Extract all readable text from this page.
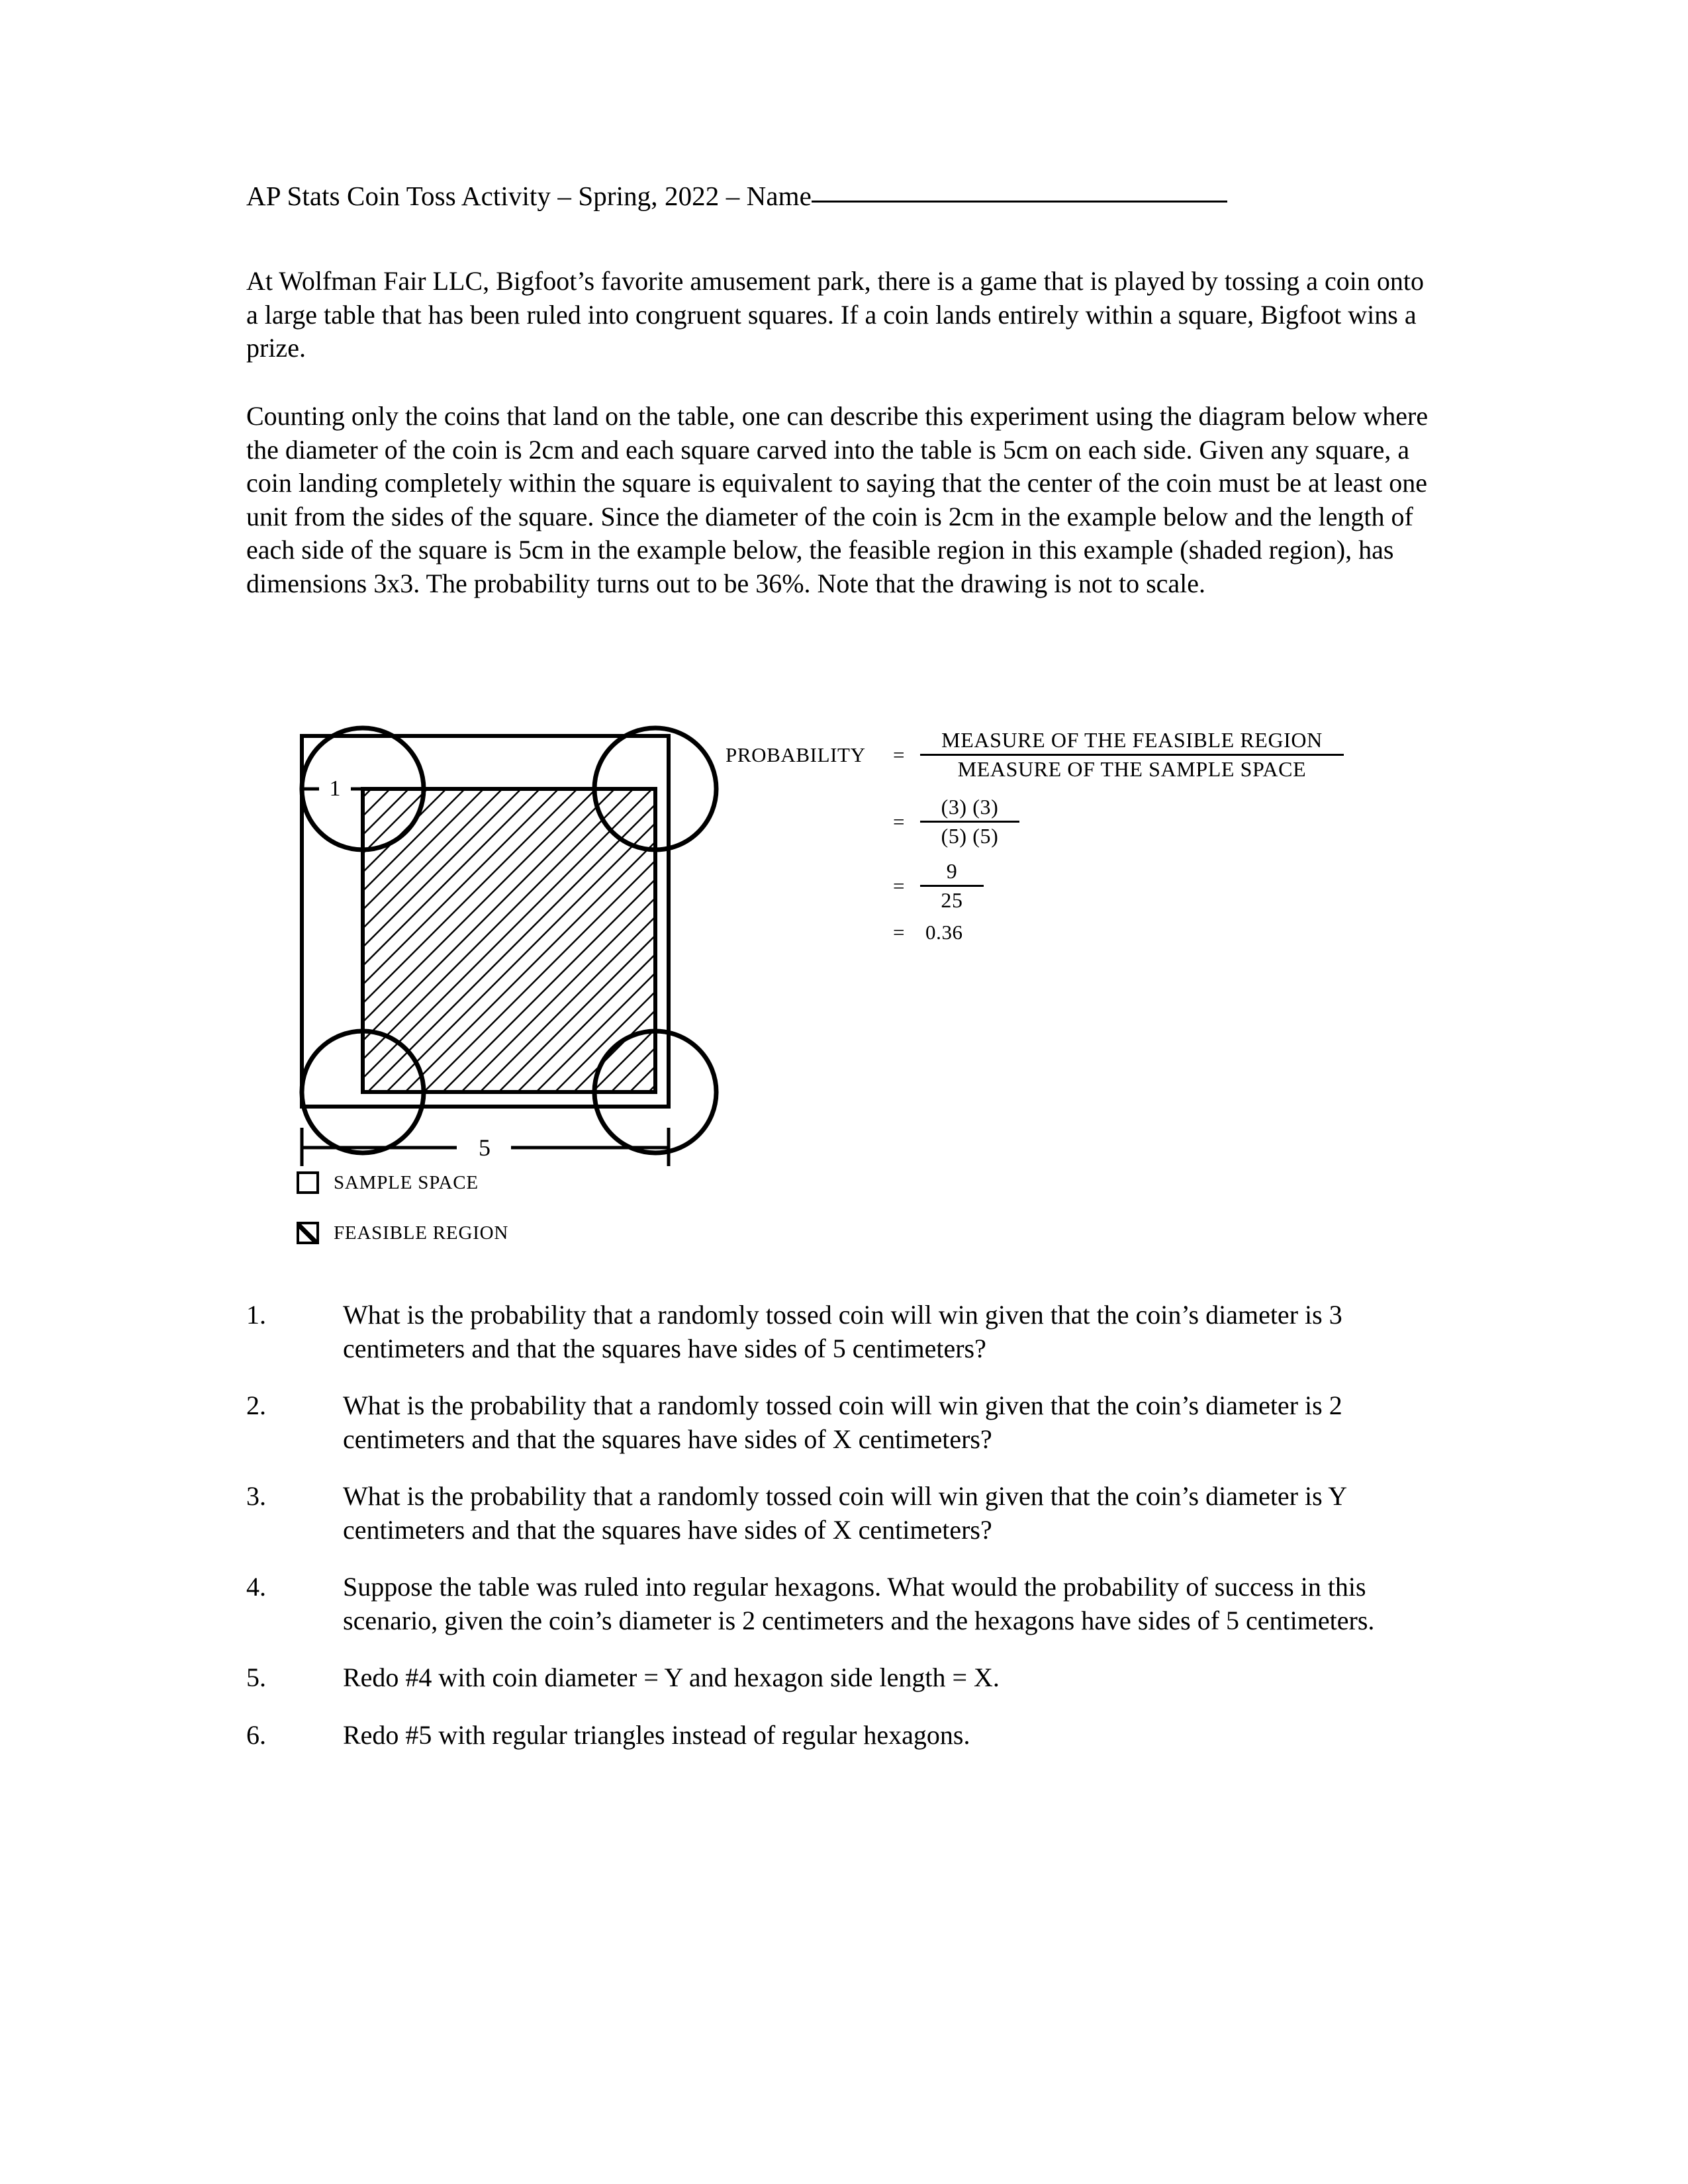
AP Stats Coin Toss Activity – Spring, 2022 – Name

At Wolfman Fair LLC, Bigfoot’s favorite amusement park, there is a game that is played by tossing a coin onto a large table that has been ruled into congruent squares. If a coin lands entirely within a square, Bigfoot wins a prize.

Counting only the coins that land on the table, one can describe this experiment using the diagram below where the diameter of the coin is 2cm and each square carved into the table is 5cm on each side. Given any square, a coin landing completely within the square is equivalent to saying that the center of the coin must be at least one unit from the sides of the square. Since the diameter of the coin is 2cm in the example below and the length of each side of the square is 5cm in the example below, the feasible region in this example (shaded region), has dimensions 3x3. The probability turns out to be 36%. Note that the drawing is not to scale.

1
5
PROBABILITY	= $\frac{\text{MEASURE OF THE FEASIBLE REGION}}{\text{MEASURE OF THE SAMPLE SPACE}}$
= $\frac{(3) (3)}{(5) (5)}$
= $\frac{9}{25}$
= 0.36
SAMPLE SPACE
FEASIBLE REGION
1.	What is the probability that a randomly tossed coin will win given that the coin’s diameter is 3 centimeters and that the squares have sides of 5 centimeters?
2.	What is the probability that a randomly tossed coin will win given that the coin’s diameter is 2 centimeters and that the squares have sides of X centimeters?
3.	What is the probability that a randomly tossed coin will win given that the coin’s diameter is Y centimeters and that the squares have sides of X centimeters?
4.	Suppose the table was ruled into regular hexagons. What would the probability of success in this scenario, given the coin’s diameter is 2 centimeters and the hexagons have sides of 5 centimeters.
5.	Redo #4 with coin diameter = Y and hexagon side length = X.
6.	Redo #5 with regular triangles instead of regular hexagons.
